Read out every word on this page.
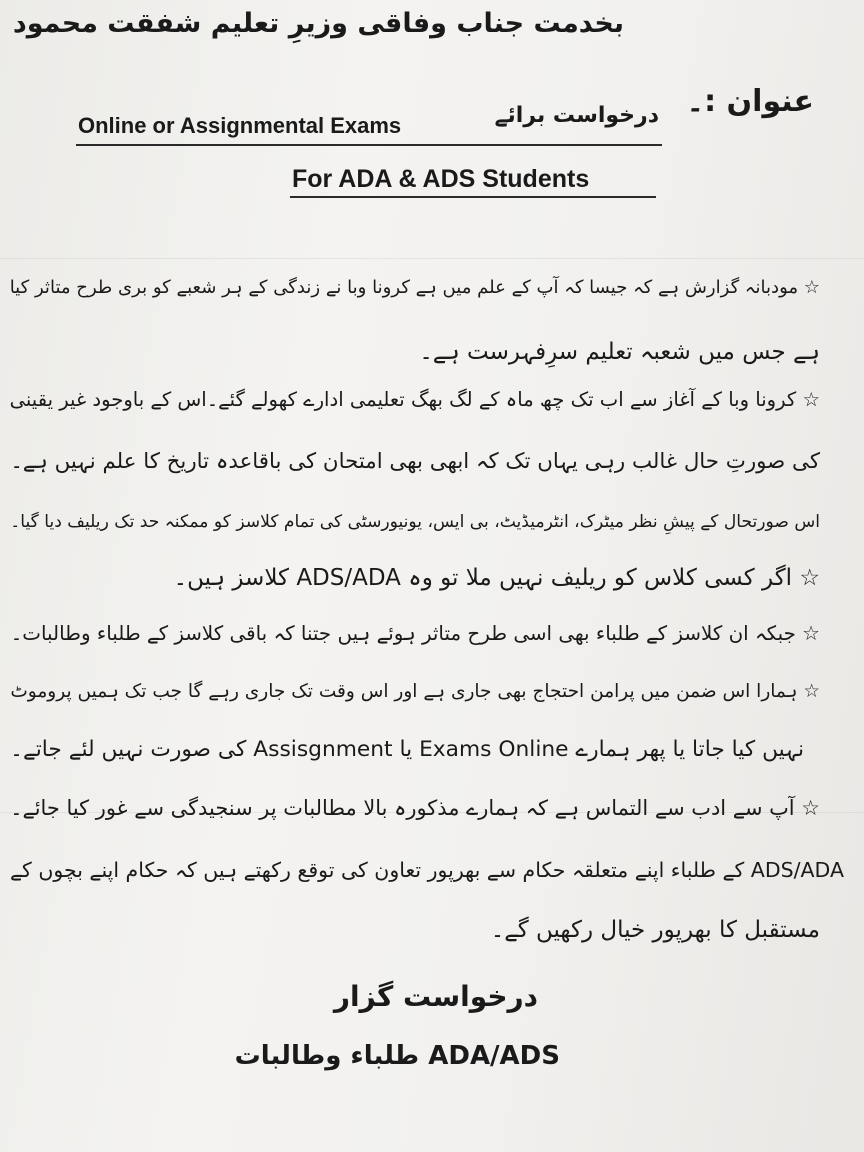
بخدمت جناب وفاقی وزیرِ تعلیم شفقت محمود
عنوان :۔
درخواست برائے
Online or Assignmental Exams
For ADA & ADS Students
☆ مودبانہ گزارش ہے کہ جیسا کہ آپ کے علم میں ہے کرونا وبا نے زندگی کے ہر شعبے کو بری طرح متاثر کیا
ہے جس میں شعبہ تعلیم سرِفہرست ہے۔
☆ کرونا وبا کے آغاز سے اب تک چھ ماہ کے لگ بھگ تعلیمی ادارے کھولے گئے۔اس کے باوجود غیر یقینی
کی صورتِ حال غالب رہی یہاں تک کہ ابھی بھی امتحان کی باقاعدہ تاریخ کا علم نہیں ہے۔
اس صورتحال کے پیشِ نظر میٹرک، انٹرمیڈیٹ، بی ایس، یونیورسٹی کی تمام کلاسز کو ممکنہ حد تک ریلیف دیا گیا۔
☆ اگر کسی کلاس کو ریلیف نہیں ملا تو وہ ADS/ADA کلاسز ہیں۔
☆ جبکہ ان کلاسز کے طلباء بھی اسی طرح متاثر ہوئے ہیں جتنا کہ باقی کلاسز کے طلباء وطالبات۔
☆ ہمارا اس ضمن میں پرامن احتجاج بھی جاری ہے اور اس وقت تک جاری رہے گا جب تک ہمیں پروموٹ
نہیں کیا جاتا یا پھر ہمارے Exams Online یا Assisgnment کی صورت نہیں لئے جاتے۔
☆ آپ سے ادب سے التماس ہے کہ ہمارے مذکورہ بالا مطالبات پر سنجیدگی سے غور کیا جائے۔
ADS/ADA کے طلباء اپنے متعلقہ حکام سے بھرپور تعاون کی توقع رکھتے ہیں کہ حکام اپنے بچوں کے
مستقبل کا بھرپور خیال رکھیں گے۔
درخواست گزار
ADA/ADS طلباء وطالبات
